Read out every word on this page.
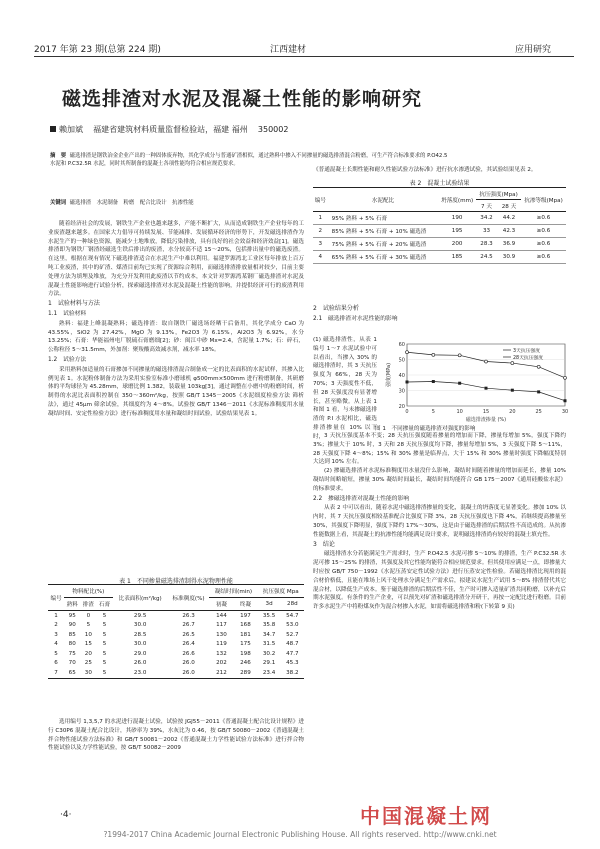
2017 年第 23 期(总第 224 期)	江西建材	应用研究
磁选排渣对水泥及混凝土性能的影响研究
赖加斌 福建省建筑材料质量监督检验站，福建 福州 350002
摘　要 磁选排渣是钢铁冶金企业产出的一种固体废弃物，其化学成分与普通矿渣相似，通过熟料中掺入不同掺量的磁选排渣混合粉磨，可生产符合标准要求的 P.O42.5 水泥和 P.C32.5R 水泥，同时其所制备的混凝土各项性能均符合相应规范要求。
关键词 磁选排渣　水泥制备　粉磨　配合比设计　抗渗性能

随着经济社会的发展，钢铁生产企业也越来越多，产能不断扩大，从而造成钢铁生产企业每年的工业废渣越来越多。在国家大力倡导可持续发展、节能减排、发展循环经济的形势下，开发磁选排渣作为水泥生产的一种绿色资源，能减少土地堆放，降低污染排放，具有良好的社会效益和经济效益[1]。磁选排渣即为钢铁厂钢渣经磁选生铁后排出的废渣，水分较高不适 15～20%，包括排出量中的磁选废渣。在这里，根据在现有情况下磁选排渣适合在水泥生产中难以利用。福建罗源湾北工业区每年排放上百万吨工业废渣，其中的矿渣、煤渣目前均已实现了资源综合利用，而磁选排渣排放量相对较少，目前主要处理方法为填埋及堆放，为充分开发利用此废渣以节约成本，本文针对罗源湾某钢厂磁选排渣对水泥及混凝土性能影响进行试验分析，探索磁选排渣对水泥及混凝土性能的影响，并提供经济可行的废渣利用方法。

1　试验材料与方法
1.1　试验材料

熟料：福建上峰混凝熟料；磁选排渣：取自钢铁厂磁选场经晒干后备用，其化学成分 CaO 为 43.55%，SiO2 为 27.42%，MgO 为 9.13%，Fe2O3 为 6.15%，Al2O3 为 6.92%，水分 13.25%；石膏：华能福州电厂脱硫石膏磨细[2]；砂：闽江中砂 Mx=2.4，含泥量 1.7%；石：碎石，公称粒径 5～31.5mm，外加剂：聚羧酸高效减水剂，减水率 18%。

1.2　试验方法

采用熟料加适量的石膏掺加不同掺量的磁选排渣混合制备成一定的比表面积的水泥试样，其掺入比例见表 1。水泥粉体制备方法为采用实验室标准小磨球机 φ500mm×500mm 进行粉磨制备，其研磨体的平均球径为 45.28mm，球磨比例 1.382，装载量 103kg[3]，通过调整在小磨中的粉磨时间，析制得的水泥比表面积控制在 350～360m²/kg，按照 GB/T 1345－2005《水泥细度检验方法 筛析法》，通过 45μm 筛余试验，其细度约为 4～8%。试验按 GB/T 1346－2011《水泥标准稠度用水量 凝结时间、安定性检验方法》进行标准稠度用水量和凝结时间试验，试验结果见表 1。

表 1　不同掺量磁选排渣制得水泥物理性能
编号	物料配比(%)			比表面积(m²/kg)	标准稠度(%)	凝结时间(min)		抗压强度 Mpa	
	熟料	排渣	石膏			初凝	终凝	3d	28d
1	95	0	5	29.5	26.3	144	197	35.5	54.7
2	90	5	5	30.0	26.7	117	168	35.8	53.0
3	85	10	5	28.5	26.5	130	181	34.7	52.7
4	80	15	5	30.0	26.4	119	175	31.5	48.7
5	75	20	5	29.0	26.6	132	198	30.2	47.7
6	70	25	5	26.0	26.0	202	246	29.1	45.3
7	65	30	5	23.0	26.0	212	289	23.4	38.2

选用编号 1,3,5,7 的水泥进行混凝土试验，试验按 JGJ55－2011《普通混凝土配合比设计规程》进行 C30P6 混凝土配合比设计，其砂率为 39%，水灰比为 0.46，按 GB/T 50080－2002《普通混凝土拌合物性能试验方法标准》和 GB/T 50081－2002《普通混凝土力学性能试验方法标准》进行拌合物性能试验以及力学性能试验，按 GB/T 50082－2009

《普通混凝土长期性能和耐久性能试验方法标准》进行抗水渗透试验，其试验结果见表 2。

表 2　混凝土试验结果
编号	水泥配比	坍落度(mm)	抗压强度(Mpa)		抗渗等级(Mpa)
			7 天	28 天	
1	95% 熟料 + 5% 石膏	190	34.2	44.2	≥0.6
2	85% 熟料 + 5% 石膏 + 10% 磁选渣	195	33	42.3	≥0.6
3	75% 熟料 + 5% 石膏 + 20% 磁选渣	200	28.3	36.9	≥0.6
4	65% 熟料 + 5% 石膏 + 30% 磁选渣	185	24.5	30.9	≥0.6
2　试验结果分析
2.1　磁选排渣对水泥性能的影响

(1) 磁选排渣性，从表 1 编号 1～7 水泥试验中可以看出，当掺入 30% 的磁选排渣时，其 3 天抗压强度为 66%，28 天为 70%；3 天强度性不低，但 28 天强度没有显著增长，甚至略微。从上表 1 和图 1 看，与未掺磁选排渣的 P.I 水泥相比，磁选排渣掺量在 10% 以下时，

20
30
40
50
60
0	5	10	15	20	25	30
磁选排渣掺量 (%)
强度(MPa)
3天抗压强度
28天抗压强度
图 1　不同掺量的磁选排渣对强度的影响

3 天抗压强度基本不变；28 天抗压强度随着掺量的增加而下降，掺量每增加 5%，强度下降约 3%；掺量大于 10% 时，3 天和 28 天抗压强度均下降，掺量每增加 5%，3 天强度下降 5～11%，28 天强度下降 4～8%；15% 和 30% 掺量是临界点，大于 15% 和 30% 掺量时强度下降幅度特别大达到 10% 左右。

(2) 掺磁选排渣对水泥标准稠度用水量没什么影响，凝结时间随着掺量的增加而延长，掺量 10% 凝结时间略缩短，掺量 30% 凝结时间最长，凝结时间均能符合 GB 175－2007《通用硅酸盐水泥》的标准要求。

2.2　掺磁选排渣对混凝土性能的影响

从表 2 中可以看出，随着水泥中磁选排渣掺量的变化，混凝土的坍落度无显著变化。掺加 10% 以内时，其 7 天抗压强度相较基准配合比强度下降 3%，28 天抗压强度也下降 4%，若继续提高掺量至 30%，其强度下降明显，强度下降约 17%～30%，这是由于磁选排渣的后期活性不高造成的。从抗渗性能数据上看，其混凝土的抗渗性能均能满足设计要求，说明磁选排渣尚有较好的混凝土填充性。

3　结论

磁选排渣水分若能满足生产需求时，生产 P.O42.5 水泥可掺 5～10% 的排渣，生产 P.C32.5R 水泥可掺 15～25% 的排渣，其强度及其它性能均能符合相应规范要求。但其使用应满足一点，即掺量大时应按 GB/T 750－1992《水泥压蒸安定性试验方法》进行压蒸安定性检验。若磁选排渣比现用的混合材价格低，且能在堆场上风干处理水分满足生产需求后，拟建议水泥生产试用 5～8% 排渣替代其它混合材，以降低生产成本。鉴于磁选排渣的后期活性不佳，生产时可掺入适量矿渣共同粉磨，以补充后期水泥强度。有条件的生产企业，可以预先对矿渣和磁选排渣分开研干，再按一定配比进行粉磨。目前许多水泥生产中将粉煤灰作为混合材掺入水泥，如需将磁选排渣和粉(下转第 9 页)

·4·	中国混凝土网
?1994-2017 China Academic Journal Electronic Publishing House. All rights reserved. http://www.cnki.net
